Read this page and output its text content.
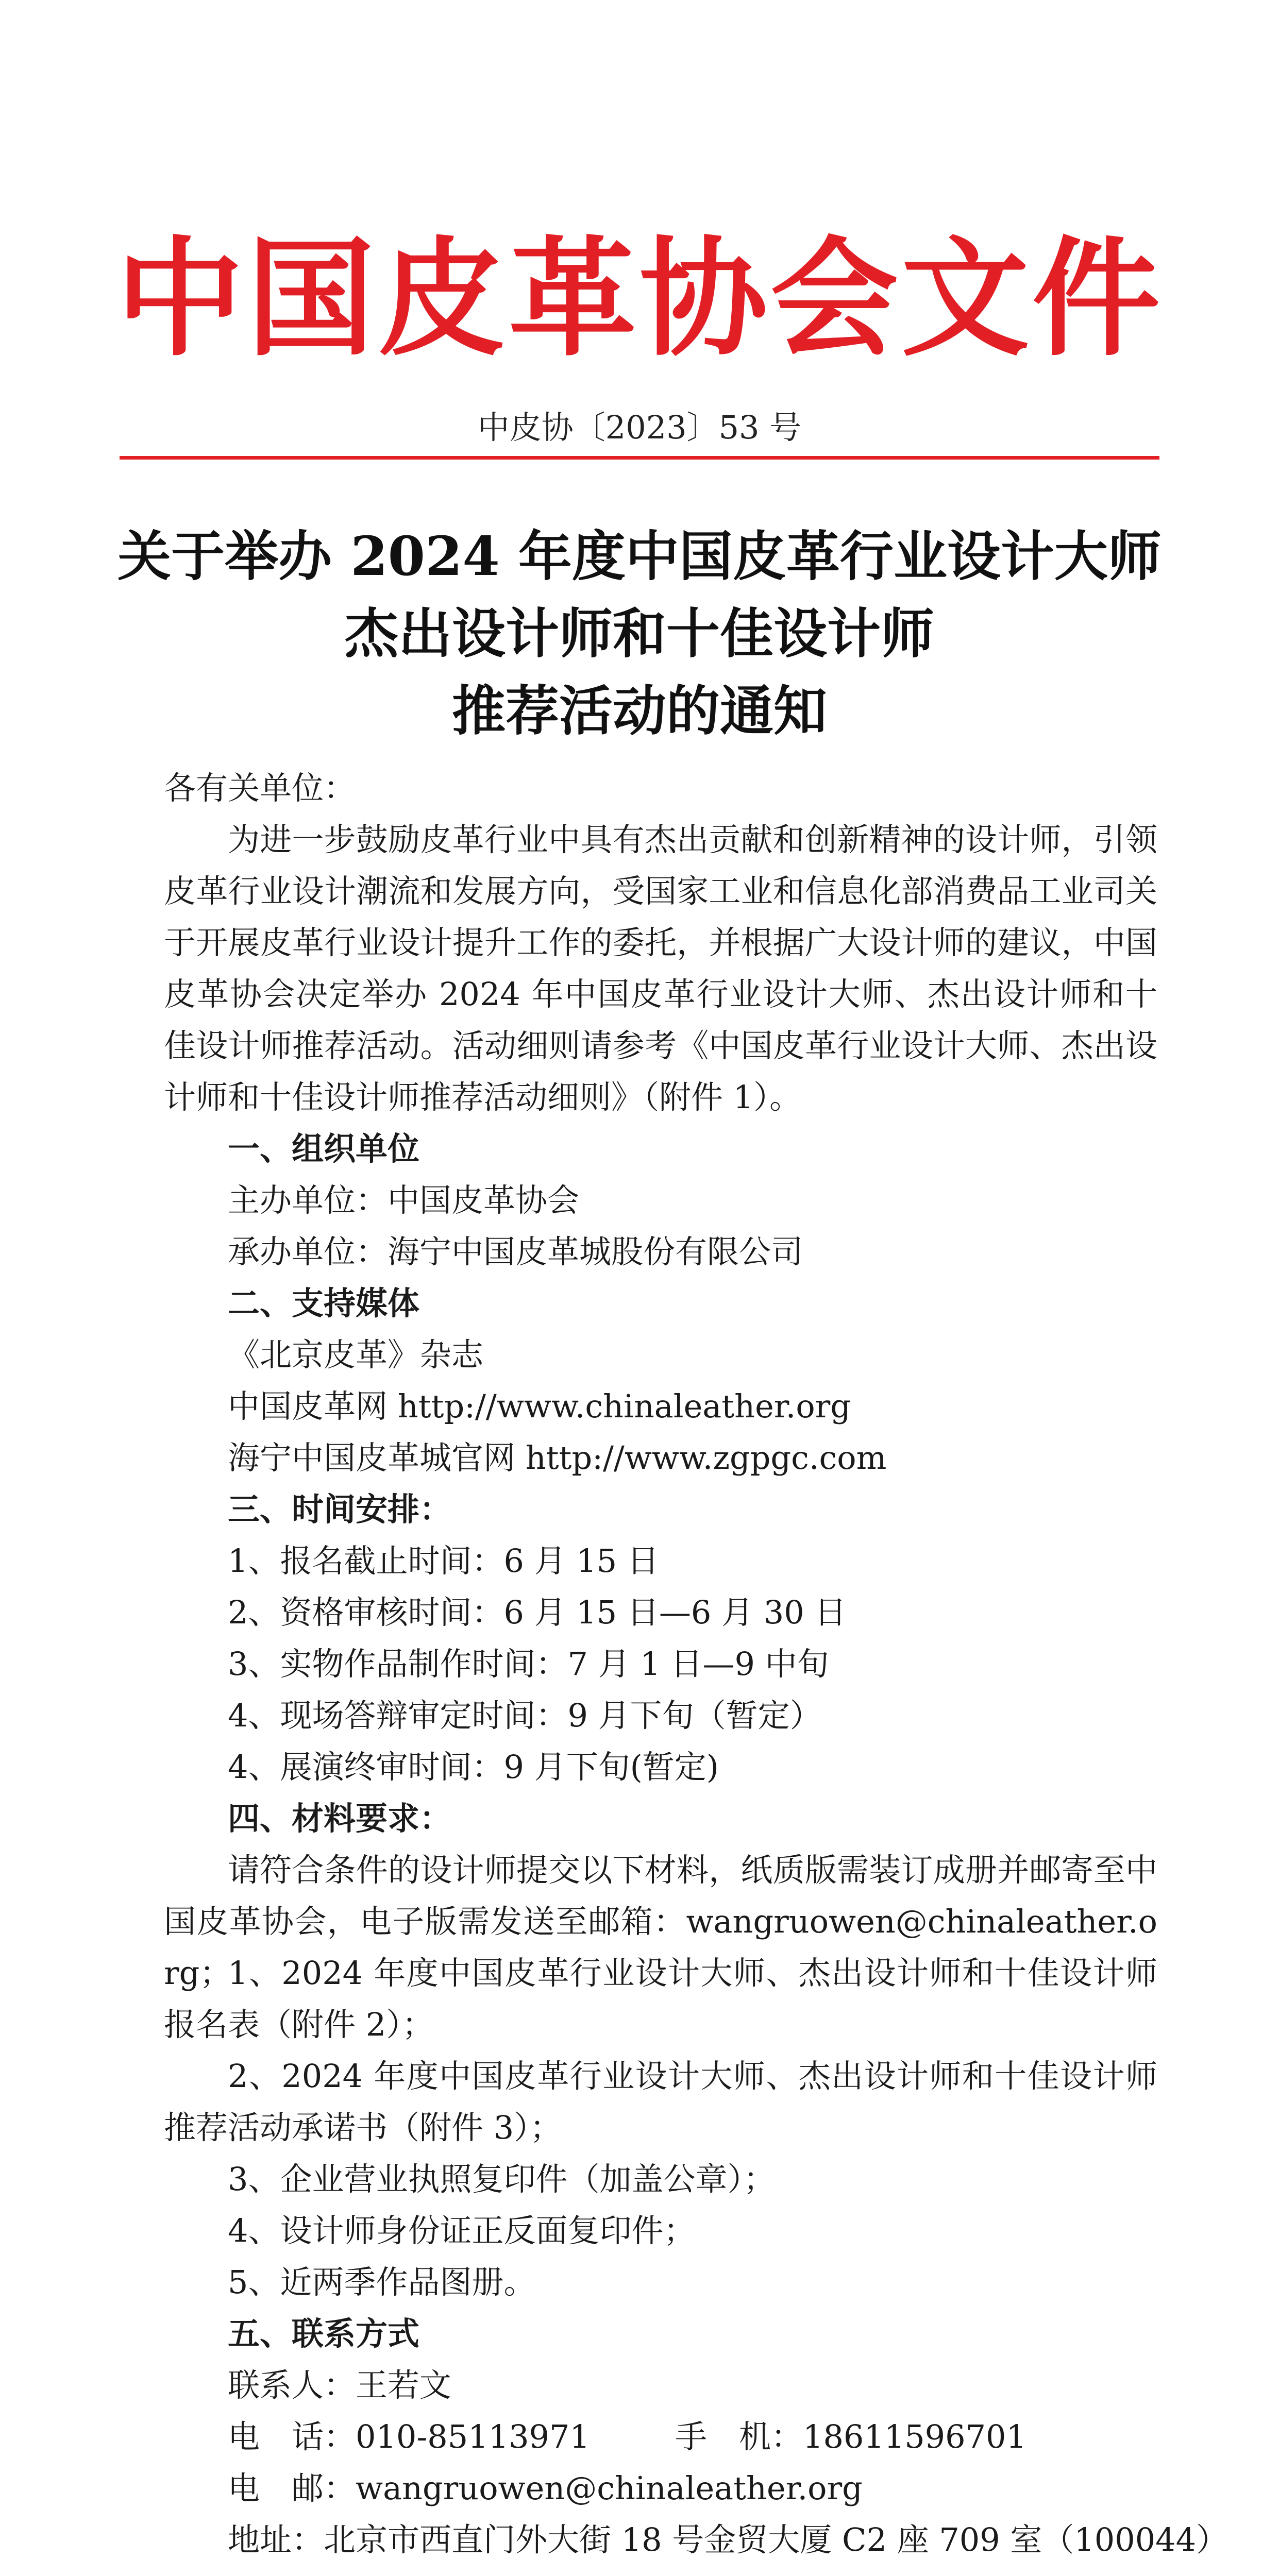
中国皮革协会文件
中皮协〔2023〕53 号
关于举办 2024 年度中国皮革行业设计大师
杰出设计师和十佳设计师
推荐活动的通知
各有关单位：
为进一步鼓励皮革行业中具有杰出贡献和创新精神的设计师，引领皮革行业设计潮流和发展方向，受国家工业和信息化部消费品工业司关于开展皮革行业设计提升工作的委托，并根据广大设计师的建议，中国皮革协会决定举办 2024 年中国皮革行业设计大师、杰出设计师和十佳设计师推荐活动。活动细则请参考《中国皮革行业设计大师、杰出设计师和十佳设计师推荐活动细则》（附件 1）。
一、组织单位
主办单位：中国皮革协会
承办单位：海宁中国皮革城股份有限公司
二、支持媒体
《北京皮革》杂志
中国皮革网 http://www.chinaleather.org
海宁中国皮革城官网 http://www.zgpgc.com
三、时间安排：
1、报名截止时间：6 月 15 日
2、资格审核时间：6 月 15 日—6 月 30 日
3、实物作品制作时间：7 月 1 日—9 中旬
4、现场答辩审定时间：9 月下旬（暂定）
4、展演终审时间：9 月下旬(暂定)
四、材料要求：
请符合条件的设计师提交以下材料，纸质版需装订成册并邮寄至中国皮革协会，电子版需发送至邮箱：wangruowen@chinaleather.org；
1、2024 年度中国皮革行业设计大师、杰出设计师和十佳设计师报名表（附件 2）；
2、2024 年度中国皮革行业设计大师、杰出设计师和十佳设计师推荐活动承诺书（附件 3）；
3、企业营业执照复印件（加盖公章）；
4、设计师身份证正反面复印件；
5、近两季作品图册。
五、联系方式
联系人：王若文
电　话：010-85113971	手　机：18611596701
电　邮：wangruowen@chinaleather.org
地址：北京市西直门外大街 18 号金贸大厦 C2 座 709 室（100044）
